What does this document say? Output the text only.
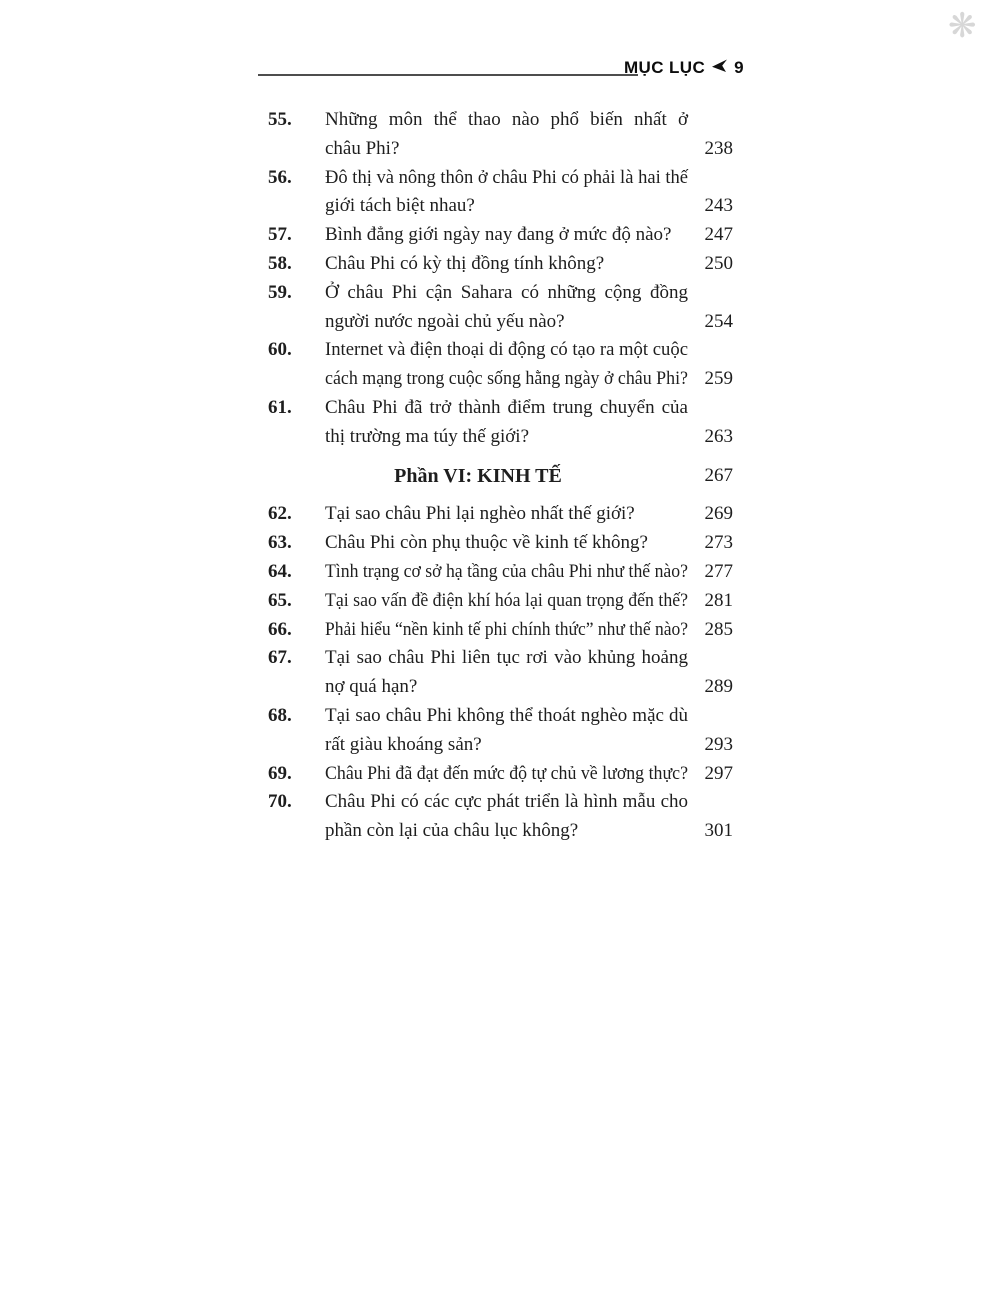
❋
MỤC LỤC 9
55.	Những môn thể thao nào phổ biến nhất ở
châu Phi?	238
56.	Đô thị và nông thôn ở châu Phi có phải là hai thế
giới tách biệt nhau?	243
57.	Bình đẳng giới ngày nay đang ở mức độ nào?	247
58.	Châu Phi có kỳ thị đồng tính không?	250
59.	Ở châu Phi cận Sahara có những cộng đồng
người nước ngoài chủ yếu nào?	254
60.	Internet và điện thoại di động có tạo ra một cuộc
cách mạng trong cuộc sống hằng ngày ở châu Phi? 259
61.	Châu Phi đã trở thành điểm trung chuyển của
thị trường ma túy thế giới?	263
Phần VI: KINH TẾ	267
62.	Tại sao châu Phi lại nghèo nhất thế giới?	269
63.	Châu Phi còn phụ thuộc về kinh tế không?	273
64.	Tình trạng cơ sở hạ tầng của châu Phi như thế nào? 277
65.	Tại sao vấn đề điện khí hóa lại quan trọng đến thế? 281
66.	Phải hiểu “nền kinh tế phi chính thức” như thế nào? 285
67.	Tại sao châu Phi liên tục rơi vào khủng hoảng
nợ quá hạn?	289
68.	Tại sao châu Phi không thể thoát nghèo mặc dù
rất giàu khoáng sản?	293
69.	Châu Phi đã đạt đến mức độ tự chủ về lương thực? 297
70.	Châu Phi có các cực phát triển là hình mẫu cho
phần còn lại của châu lục không?	301
